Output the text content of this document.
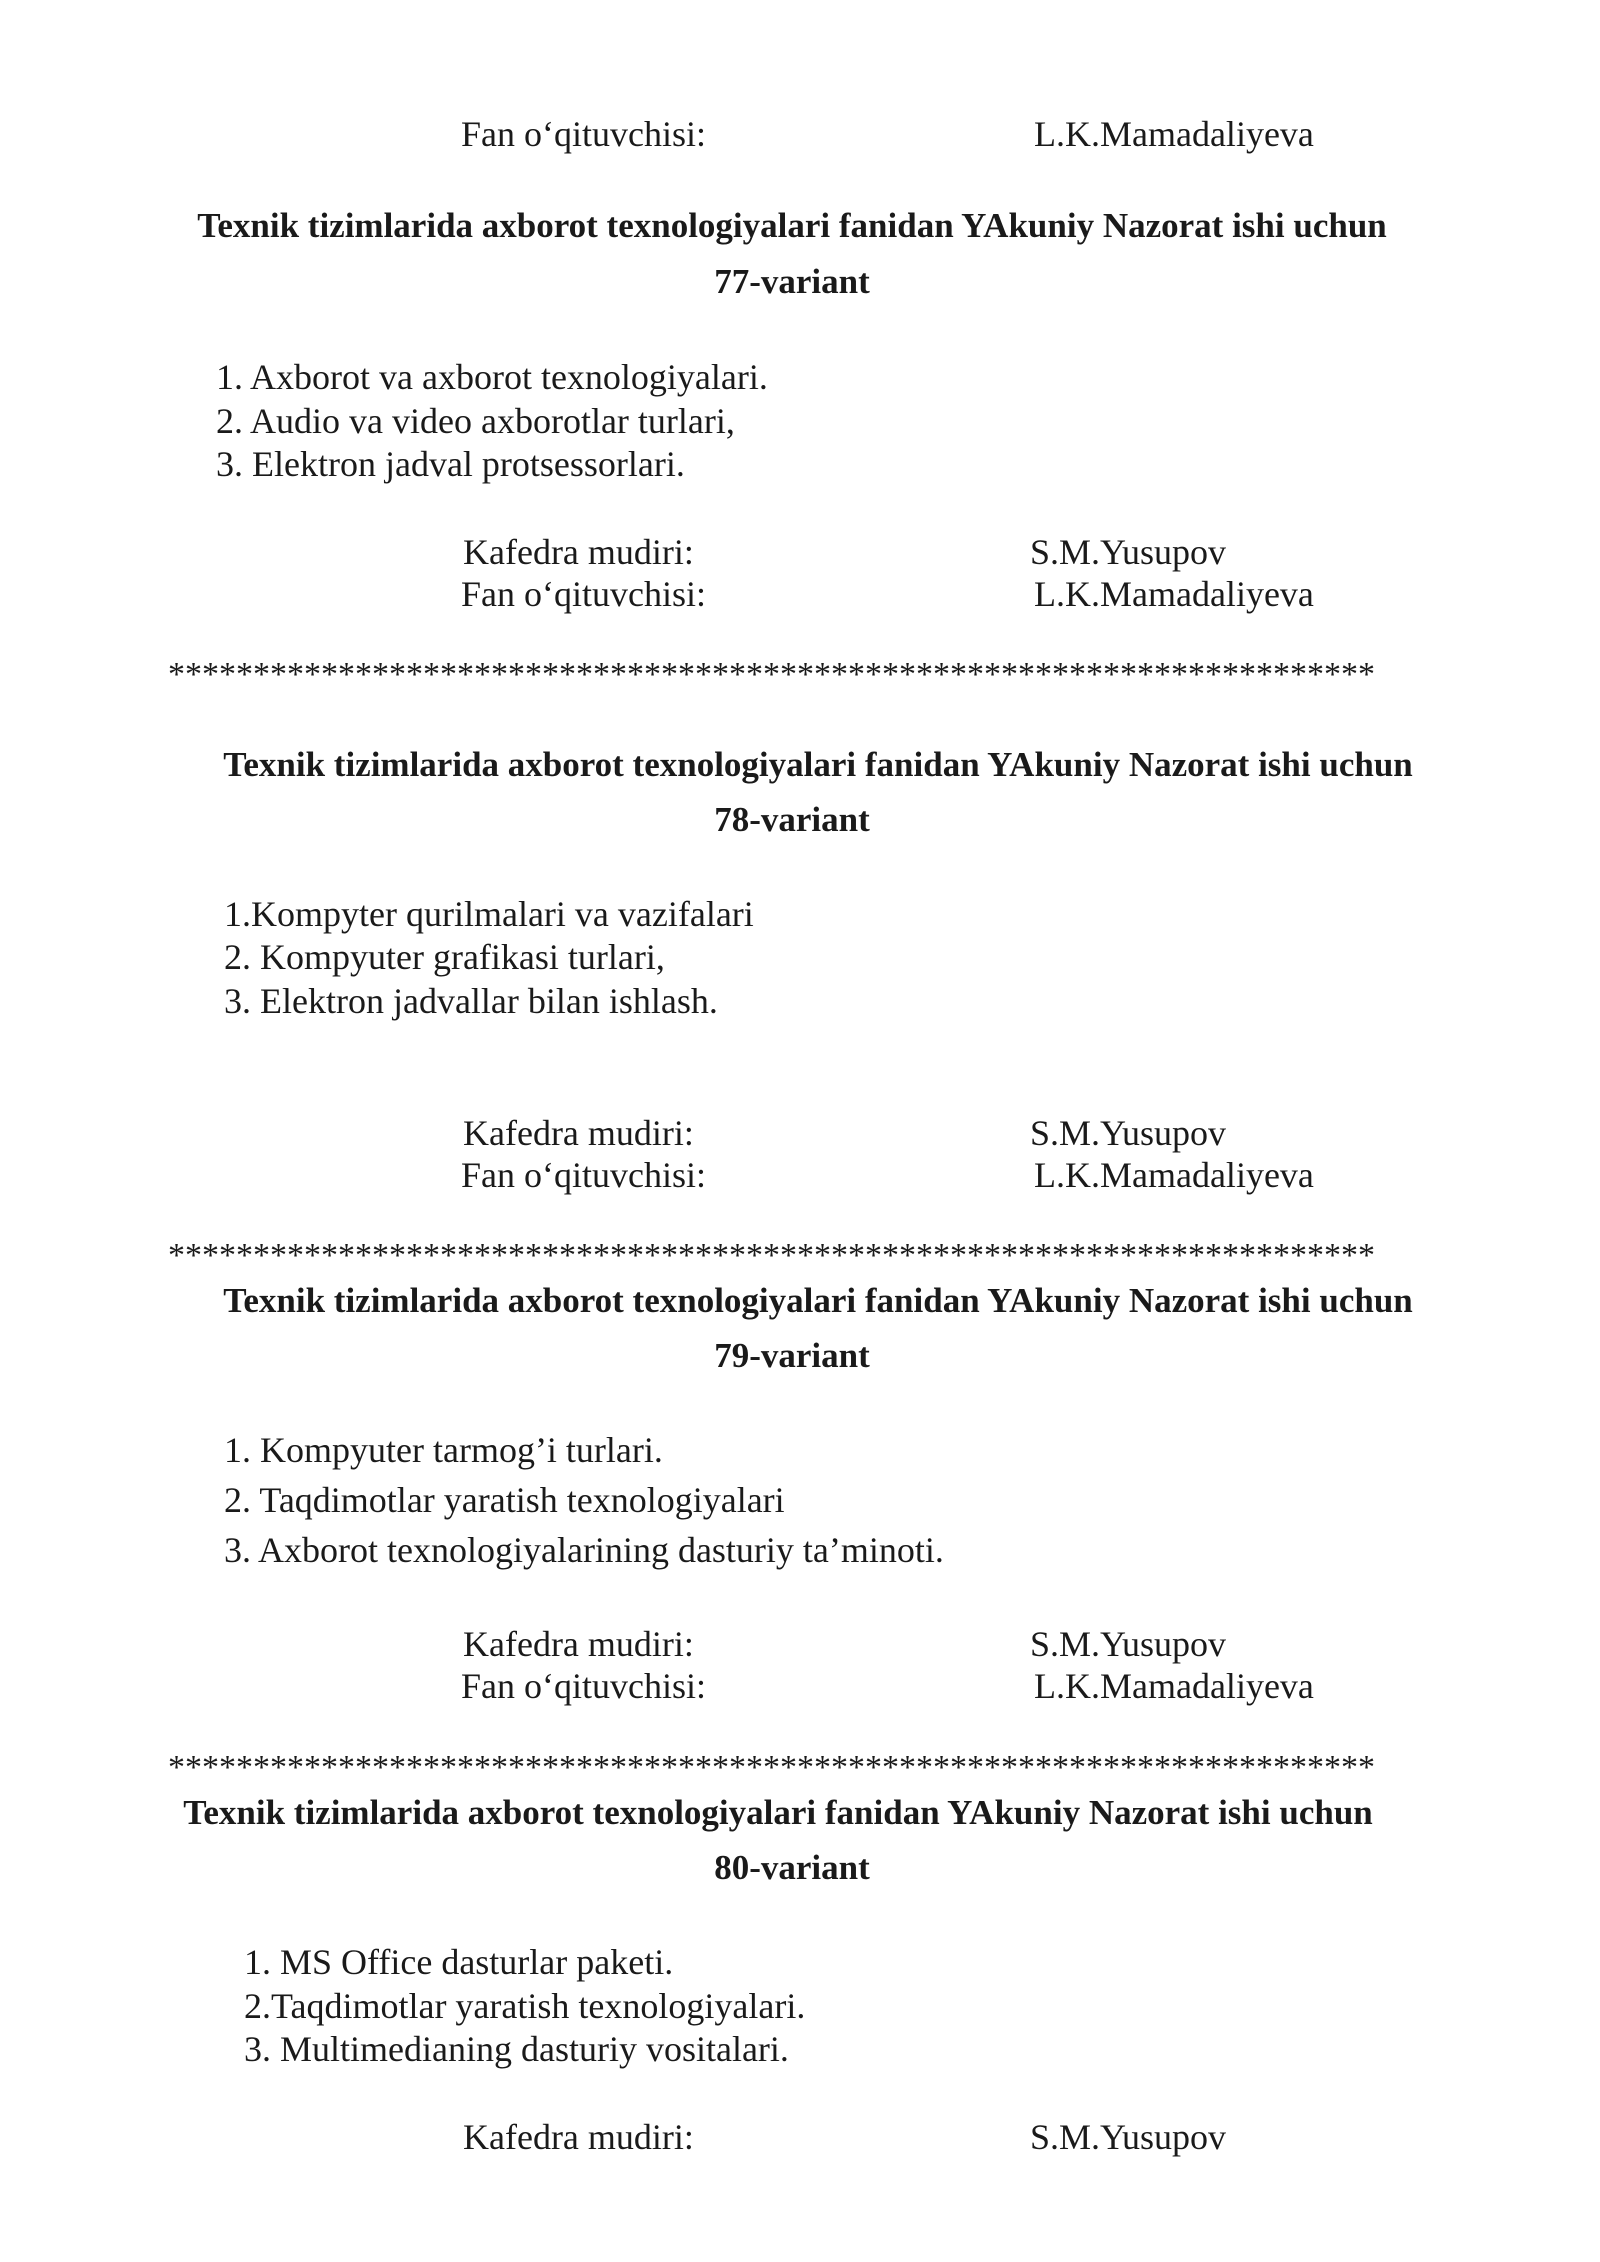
Fan o‘qituvchisi:	L.K.Mamadaliyeva
Texnik tizimlarida axborot texnologiyalari fanidan YAkuniy Nazorat ishi uchun
77-variant
1. Axborot va axborot texnologiyalari.
2. Audio va video axborotlar turlari,
3. Elektron jadval protsessorlari.
Kafedra mudiri:	S.M.Yusupov
Fan o‘qituvchisi:	L.K.Mamadaliyeva
***********************************************************************
Texnik tizimlarida axborot texnologiyalari fanidan YAkuniy Nazorat ishi uchun
78-variant
1.Kompyter qurilmalari va vazifalari
2. Kompyuter grafikasi turlari,
3. Elektron jadvallar bilan ishlash.
Kafedra mudiri:	S.M.Yusupov
Fan o‘qituvchisi:	L.K.Mamadaliyeva
***********************************************************************
Texnik tizimlarida axborot texnologiyalari fanidan YAkuniy Nazorat ishi uchun
79-variant
1. Kompyuter tarmog’i turlari.
2. Taqdimotlar yaratish texnologiyalari
3. Axborot texnologiyalarining dasturiy ta’minoti.
Kafedra mudiri:	S.M.Yusupov
Fan o‘qituvchisi:	L.K.Mamadaliyeva
***********************************************************************
Texnik tizimlarida axborot texnologiyalari fanidan YAkuniy Nazorat ishi uchun
80-variant
1. MS Office dasturlar paketi.
2.Taqdimotlar yaratish texnologiyalari.
3. Multimedianing dasturiy vositalari.
Kafedra mudiri:	S.M.Yusupov
